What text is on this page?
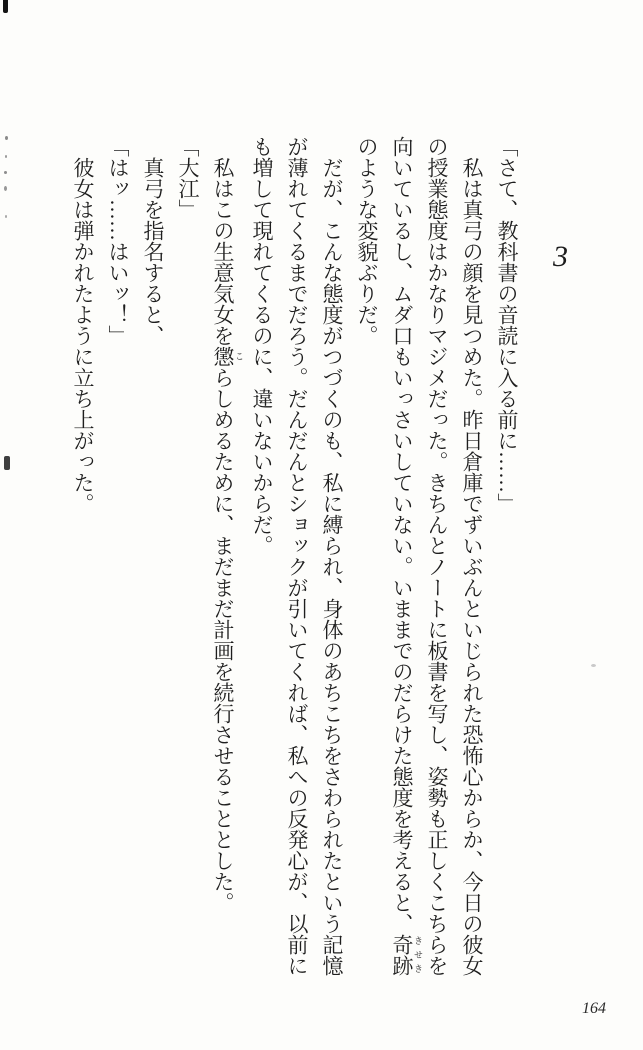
3

「さて、教科書の音読に入る前に……」

私は真弓の顔を見つめた。昨日倉庫でずいぶんといじられた恐怖心からか、今日の彼女の授業態度はかなりマジメだった。きちんとノートに板書を写し、姿勢も正しくこちらを向いているし、ムダ口もいっさいしていない。いままでのだらけた態度を考えると、奇跡 きせきのような変貌ぶりだ。

だが、こんな態度がつづくのも、私に縛られ、身体のあちこちをさわられたという記憶が薄れてくるまでだろう。だんだんとショックが引いてくれば、私への反発心が、以前にも増して現れてくるのに、違いないからだ。

私はこの生意気女を懲 こらしめるために、まだまだ計画を続行させることとした。

「大江」

真弓を指名すると、

「はッ……はいッ！」

彼女は弾かれたように立ち上がった。

164
